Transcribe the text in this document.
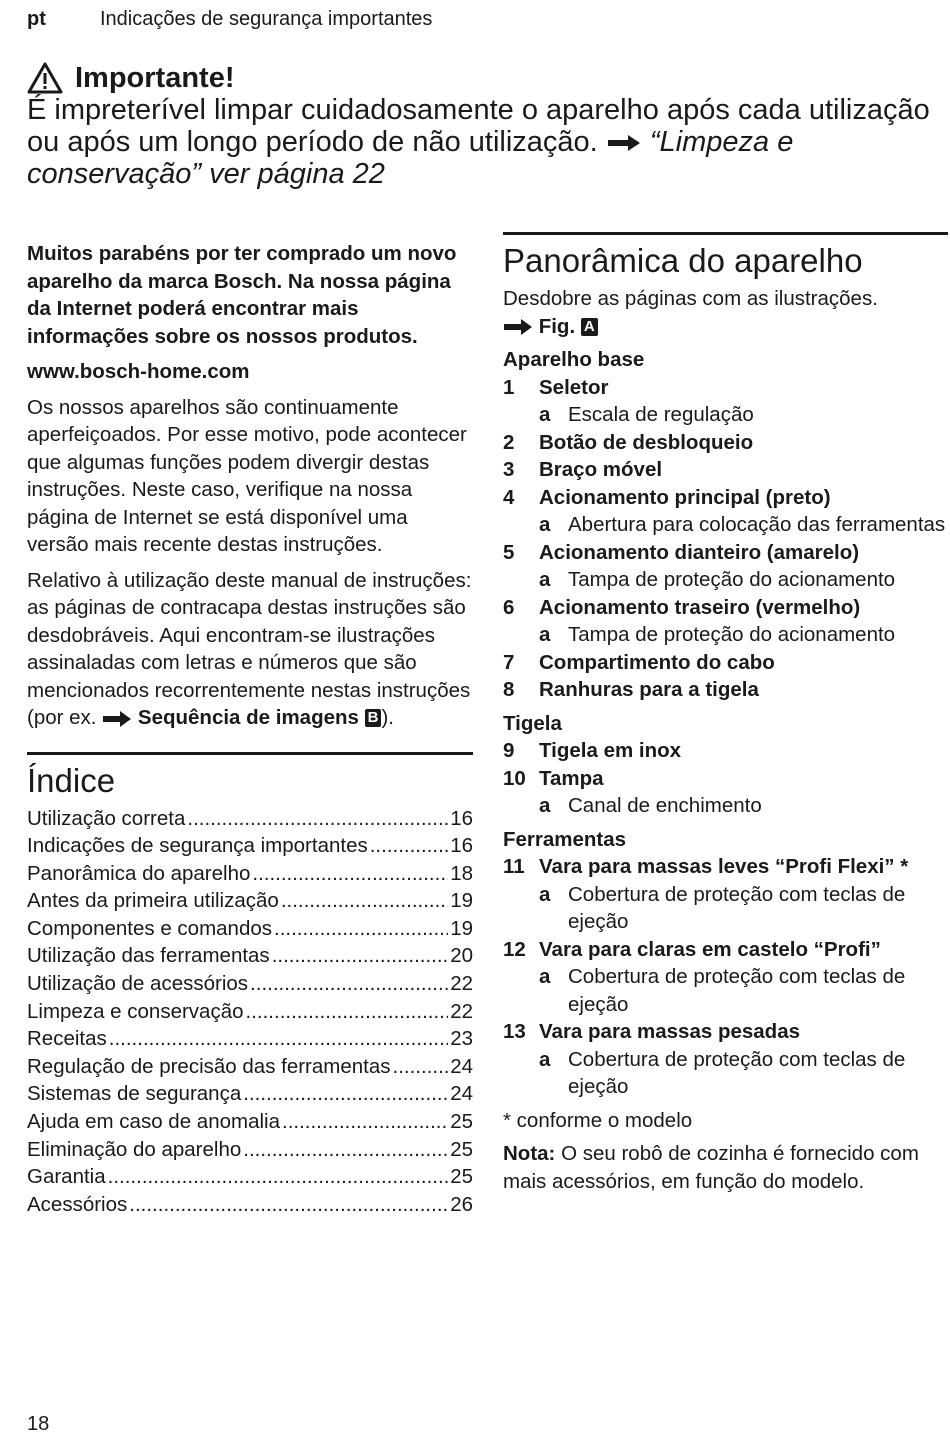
pt	Indicações de segurança importantes
Importante!
É impreterível limpar cuidadosamente o aparelho após cada utilização ou após um longo período de não utilização. “Limpeza e conservação” ver página 22

Muitos parabéns por ter comprado um novo aparelho da marca Bosch. Na nossa página da Internet poderá encontrar mais informações sobre os nossos produtos.

www.bosch-home.com

Os nossos aparelhos são continuamente aperfeiçoados. Por esse motivo, pode acontecer que algumas funções podem divergir destas instruções. Neste caso, verifique na nossa página de Internet se está disponível uma versão mais recente destas instruções.

Relativo à utilização deste manual de instruções: as páginas de contracapa destas instruções são desdobráveis. Aqui encontram-se ilustrações assinaladas com letras e números que são mencionados recorrentemente nestas instruções (por ex. Sequência de imagens B ).

Índice
Utilização correta .....	16
Indicações de segurança importantes .....	16
Panorâmica do aparelho .....	18
Antes da primeira utilização .....	19
Componentes e comandos .....	19
Utilização das ferramentas .....	20
Utilização de acessórios .....	22
Limpeza e conservação .....	22
Receitas .....	23
Regulação de precisão das ferramentas .....	24
Sistemas de segurança .....	24
Ajuda em caso de anomalia .....	25
Eliminação do aparelho .....	25
Garantia .....	25
Acessórios .....	26
Panorâmica do aparelho

Desdobre as páginas com as ilustrações.

Fig. A

Aparelho base
1	Seletor
a Escala de regulação
2	Botão de desbloqueio
3	Braço móvel
4	Acionamento principal (preto)
a Abertura para colocação das ferramentas
5	Acionamento dianteiro (amarelo)
a Tampa de proteção do acionamento
6	Acionamento traseiro (vermelho)
a Tampa de proteção do acionamento
7	Compartimento do cabo
8	Ranhuras para a tigela
Tigela
9	Tigela em inox
10 Tampa
a Canal de enchimento
Ferramentas
11 Vara para massas leves “Profi Flexi” *
a Cobertura de proteção com teclas de ejeção
12 Vara para claras em castelo “Profi”
a Cobertura de proteção com teclas de ejeção
13 Vara para massas pesadas
a Cobertura de proteção com teclas de ejeção

* conforme o modelo

Nota: O seu robô de cozinha é fornecido com mais acessórios, em função do modelo.

18
